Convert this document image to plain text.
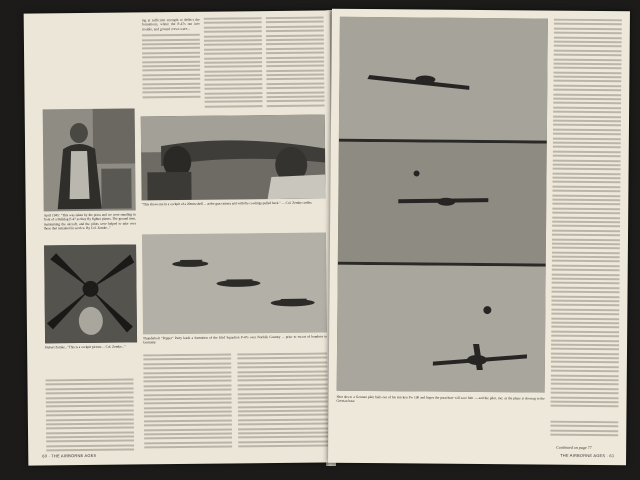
ing at sufficient strength to deflect the formations, where the P-47s ran into trouble, and ground crews were...
"This shows me in a cockpit of a 20mm shell ... at the gun camera and with the cowlings pulled back." — Col. Zemke credits.
April 1945: "This was taken by the press and we were standing in front of a Bulldog P-47 as they fly fighter planes. The ground men, maintaining the aircraft, and the pilots were helped to take over those that remained in service. By Col. Zemke..."
Hubert Zemke..."This is a cockpit picture ... Col. Zemke..."
Thunderbolt "Pepper" Party leads a formation of the 63rd Squadron P-47s over Norfolk Country ... prior to escort of bombers to Germany.
60 · THE AIRBORNE AGES
Shot down: a German pilot bails out of his stricken Fw 190 and hopes the parachute will save him — and the pilot, too; as the plane is slowing to the German base.
Continued on page 77
THE AIRBORNE AGES · 61
